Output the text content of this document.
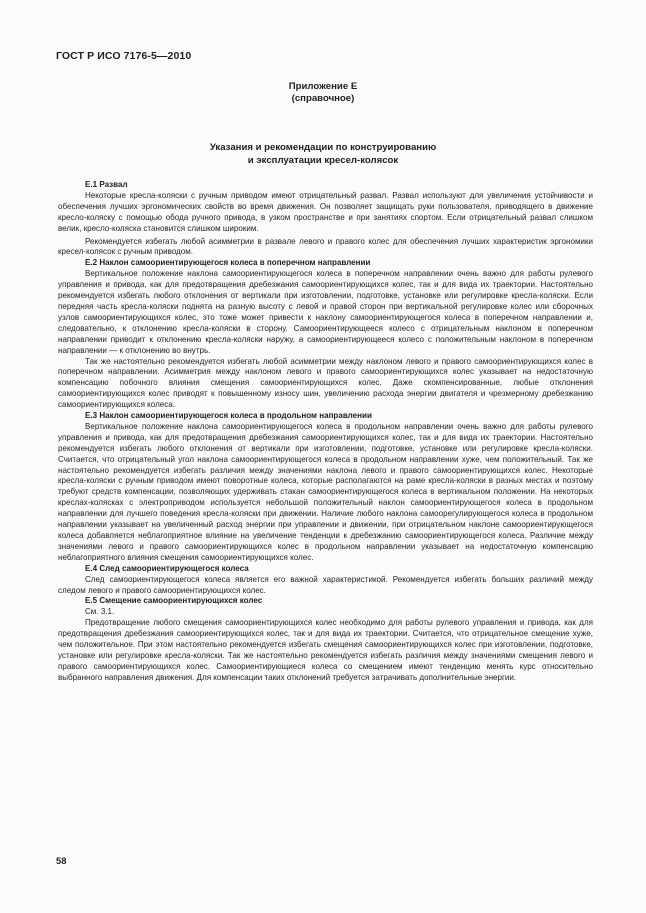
ГОСТ Р ИСО 7176-5—2010
Приложение Е
(справочное)
Указания и рекомендации по конструированию
и эксплуатации кресел-колясок

Е.1 Развал

Некоторые кресла-коляски с ручным приводом имеют отрицательный развал. Развал используют для увеличения устойчивости и обеспечения лучших эргономических свойств во время движения. Он позволяет защищать руки пользователя, приводящего в движение кресло-коляску с помощью обода ручного привода, в узком пространстве и при занятиях спортом. Если отрицательный развал слишком велик, кресло-коляска становится слишком широким.

Рекомендуется избегать любой асимметрии в развале левого и правого колес для обеспечения лучших характеристик эргономики кресел-колясок с ручным приводом.

Е.2 Наклон самоориентирующегося колеса в поперечном направлении

Вертикальное положение наклона самоориентирующегося колеса в поперечном направлении очень важно для работы рулевого управления и привода, как для предотвращения дребезжания самоориентирующихся колес, так и для вида их траектории. Настоятельно рекомендуется избегать любого отклонения от вертикали при изготовлении, подготовке, установке или регулировке кресла-коляски. Если передняя часть кресла-коляски поднята на разную высоту с левой и правой сторон при вертикальной регулировке колес или сборочных узлов самоориентирующихся колес, это тоже может привести к наклону самоориентирующегося колеса в поперечном направлении и, следовательно, к отклонению кресла-коляски в сторону. Самоориентирующееся колесо с отрицательным наклоном в поперечном направлении приводит к отклонению кресла-коляски наружу, а самоориентирующееся колесо с положительным наклоном в поперечном направлении — к отклонению во внутрь.

Так же настоятельно рекомендуется избегать любой асимметрии между наклоном левого и правого самоориентирующихся колес в поперечном направлении. Асимметрия между наклоном левого и правого самоориентирующихся колес указывает на недостаточную компенсацию побочного влияния смещения самоориентирующихся колес. Даже скомпенсированные, любые отклонения самоориентирующихся колес приводят к повышенному износу шин, увеличению расхода энергии двигателя и чрезмерному дребезжанию самоориентирующихся колеса.

Е.3 Наклон самоориентирующегося колеса в продольном направлении

Вертикальное положение наклона самоориентирующегося колеса в продольном направлении очень важно для работы рулевого управления и привода, как для предотвращения дребезжания самоориентирующихся колес, так и для вида их траектории. Настоятельно рекомендуется избегать любого отклонения от вертикали при изготовлении, подготовке, установке или регулировке кресла-коляски. Считается, что отрицательный угол наклона самоориентирующегося колеса в продольном направлении хуже, чем положительный. Так же настоятельно рекомендуется избегать различия между значениями наклона левого и правого самоориентирующихся колес. Некоторые кресла-коляски с ручным приводом имеют поворотные колеса, которые располагаются на раме кресла-коляски в разных местах и поэтому требуют средств компенсации, позволяющих удерживать стакан самоориентирующегося колеса в вертикальном положении. На некоторых креслах-колясках с электроприводом используется небольшой положительный наклон самоориентирующегося колеса в продольном направлении для лучшего поведения кресла-коляски при движении. Наличие любого наклона самоорегулирующегося колеса в продольном направлении указывает на увеличенный расход энергии при управлении и движении, при отрицательном наклоне самоориентирующегося колеса добавляется неблагоприятное влияние на увеличение тенденции к дребезжанию самоориентирующегося колеса. Различие между значениями левого и правого самоориентирующихся колес в продольном направлении указывает на недостаточную компенсацию неблагоприятного влияния смещения самоориентирующихся колес.

Е.4 След самоориентирующегося колеса

След самоориентирующегося колеса является его важной характеристикой. Рекомендуется избегать больших различий между следом левого и правого самоориентирующихся колес.

Е.5 Смещение самоориентирующихся колес

См. 3.1.

Предотвращение любого смещения самоориентирующихся колес необходимо для работы рулевого управления и привода, как для предотвращения дребезжания самоориентирующихся колес, так и для вида их траектории. Считается, что отрицательное смещение хуже, чем положительное. При этом настоятельно рекомендуется избегать смещения самоориентирующихся колес при изготовлении, подготовке, установке или регулировке кресла-коляски. Так же настоятельно рекомендуется избегать различия между значениями смещения левого и правого самоориентирующихся колес. Самоориентирующиеся колеса со смещением имеют тенденцию менять курс относительно выбранного направления движения. Для компенсации таких отклонений требуется затрачивать дополнительные энергии.

58
